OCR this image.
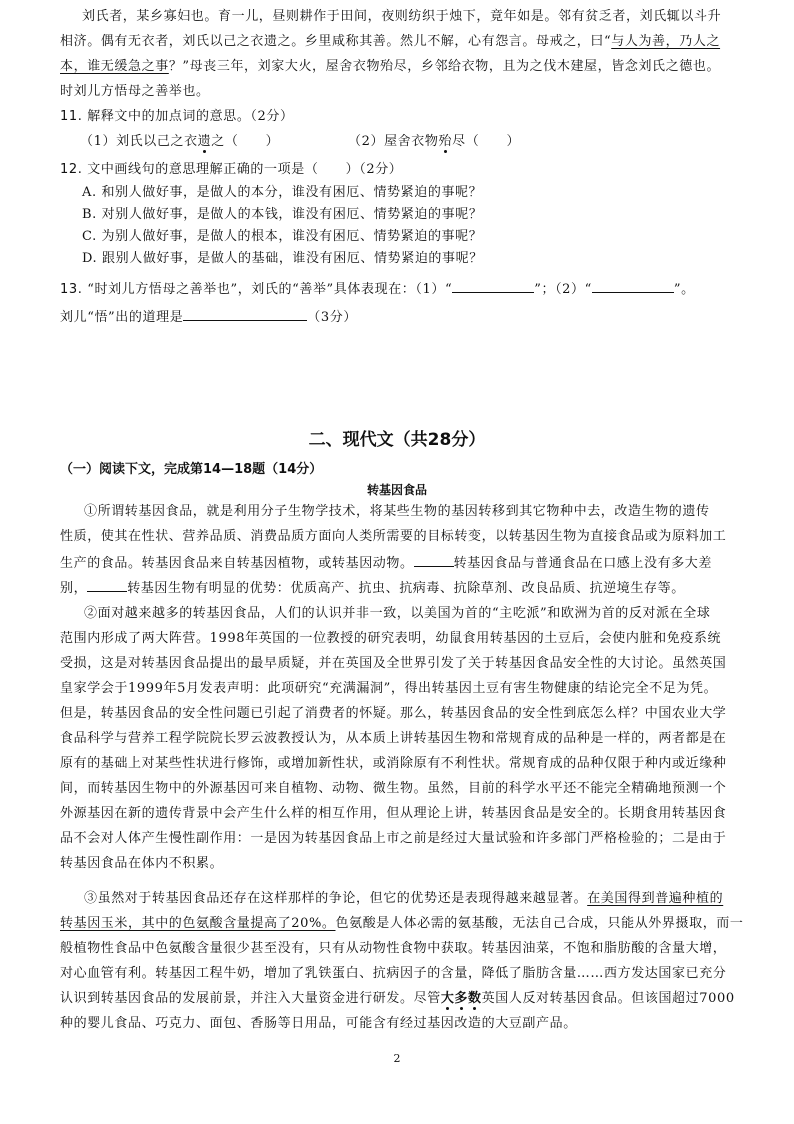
刘氏者，某乡寡妇也。育一儿，昼则耕作于田间，夜则纺织于烛下，竟年如是。邻有贫乏者，刘氏辄以斗升
相济。偶有无衣者，刘氏以己之衣遗之。乡里咸称其善。然儿不解，心有怨言。母戒之，曰“与人为善，乃人之
本，谁无缓急之事？”母丧三年，刘家大火，屋舍衣物殆尽，乡邻给衣物，且为之伐木建屋，皆念刘氏之德也。
时刘儿方悟母之善举也。
11. 解释文中的加点词的意思。（2分）
（1）刘氏以己之衣遗之（　　）	（2）屋舍衣物殆尽（　　）
12. 文中画线句的意思理解正确的一项是（　　）（2分）
A. 和别人做好事，是做人的本分，谁没有困厄、情势紧迫的事呢？
B. 对别人做好事，是做人的本钱，谁没有困厄、情势紧迫的事呢？
C. 为别人做好事，是做人的根本，谁没有困厄、情势紧迫的事呢？
D. 跟别人做好事，是做人的基础，谁没有困厄、情势紧迫的事呢？
13. “时刘儿方悟母之善举也”，刘氏的“善举”具体表现在：（1）“	”；（2）“	”。
刘儿“悟”出的道理是	（3分）
二、现代文（共28分）
（一）阅读下文，完成第14—18题（14分）
转基因食品
①所谓转基因食品，就是利用分子生物学技术，将某些生物的基因转移到其它物种中去，改造生物的遗传
性质，使其在性状、营养品质、消费品质方面向人类所需要的目标转变，以转基因生物为直接食品或为原料加工
生产的食品。转基因食品来自转基因植物，或转基因动物。	转基因食品与普通食品在口感上没有多大差
别，	转基因生物有明显的优势：优质高产、抗虫、抗病毒、抗除草剂、改良品质、抗逆境生存等。
②面对越来越多的转基因食品，人们的认识并非一致，以美国为首的“主吃派”和欧洲为首的反对派在全球
范围内形成了两大阵营。1998年英国的一位教授的研究表明，幼鼠食用转基因的土豆后，会使内脏和免疫系统
受损，这是对转基因食品提出的最早质疑，并在英国及全世界引发了关于转基因食品安全性的大讨论。虽然英国
皇家学会于1999年5月发表声明：此项研究“充满漏洞”，得出转基因土豆有害生物健康的结论完全不足为凭。
但是，转基因食品的安全性问题已引起了消费者的怀疑。那么，转基因食品的安全性到底怎么样？中国农业大学
食品科学与营养工程学院院长罗云波教授认为，从本质上讲转基因生物和常规育成的品种是一样的，两者都是在
原有的基础上对某些性状进行修饰，或增加新性状，或消除原有不利性状。常规育成的品种仅限于种内或近缘种
间，而转基因生物中的外源基因可来自植物、动物、微生物。虽然，目前的科学水平还不能完全精确地预测一个
外源基因在新的遗传背景中会产生什么样的相互作用，但从理论上讲，转基因食品是安全的。长期食用转基因食
品不会对人体产生慢性副作用：一是因为转基因食品上市之前是经过大量试验和许多部门严格检验的；二是由于
转基因食品在体内不积累。
③虽然对于转基因食品还存在这样那样的争论，但它的优势还是表现得越来越显著。在美国得到普遍种植的
转基因玉米，其中的色氨酸含量提高了20%。色氨酸是人体必需的氨基酸，无法自己合成，只能从外界摄取，而一
般植物性食品中色氨酸含量很少甚至没有，只有从动物性食物中获取。转基因油菜，不饱和脂肪酸的含量大增，
对心血管有利。转基因工程牛奶，增加了乳铁蛋白、抗病因子的含量，降低了脂肪含量……西方发达国家已充分
认识到转基因食品的发展前景，并注入大量资金进行研发。尽管大多数英国人反对转基因食品。但该国超过7000
种的婴儿食品、巧克力、面包、香肠等日用品，可能含有经过基因改造的大豆副产品。
2
